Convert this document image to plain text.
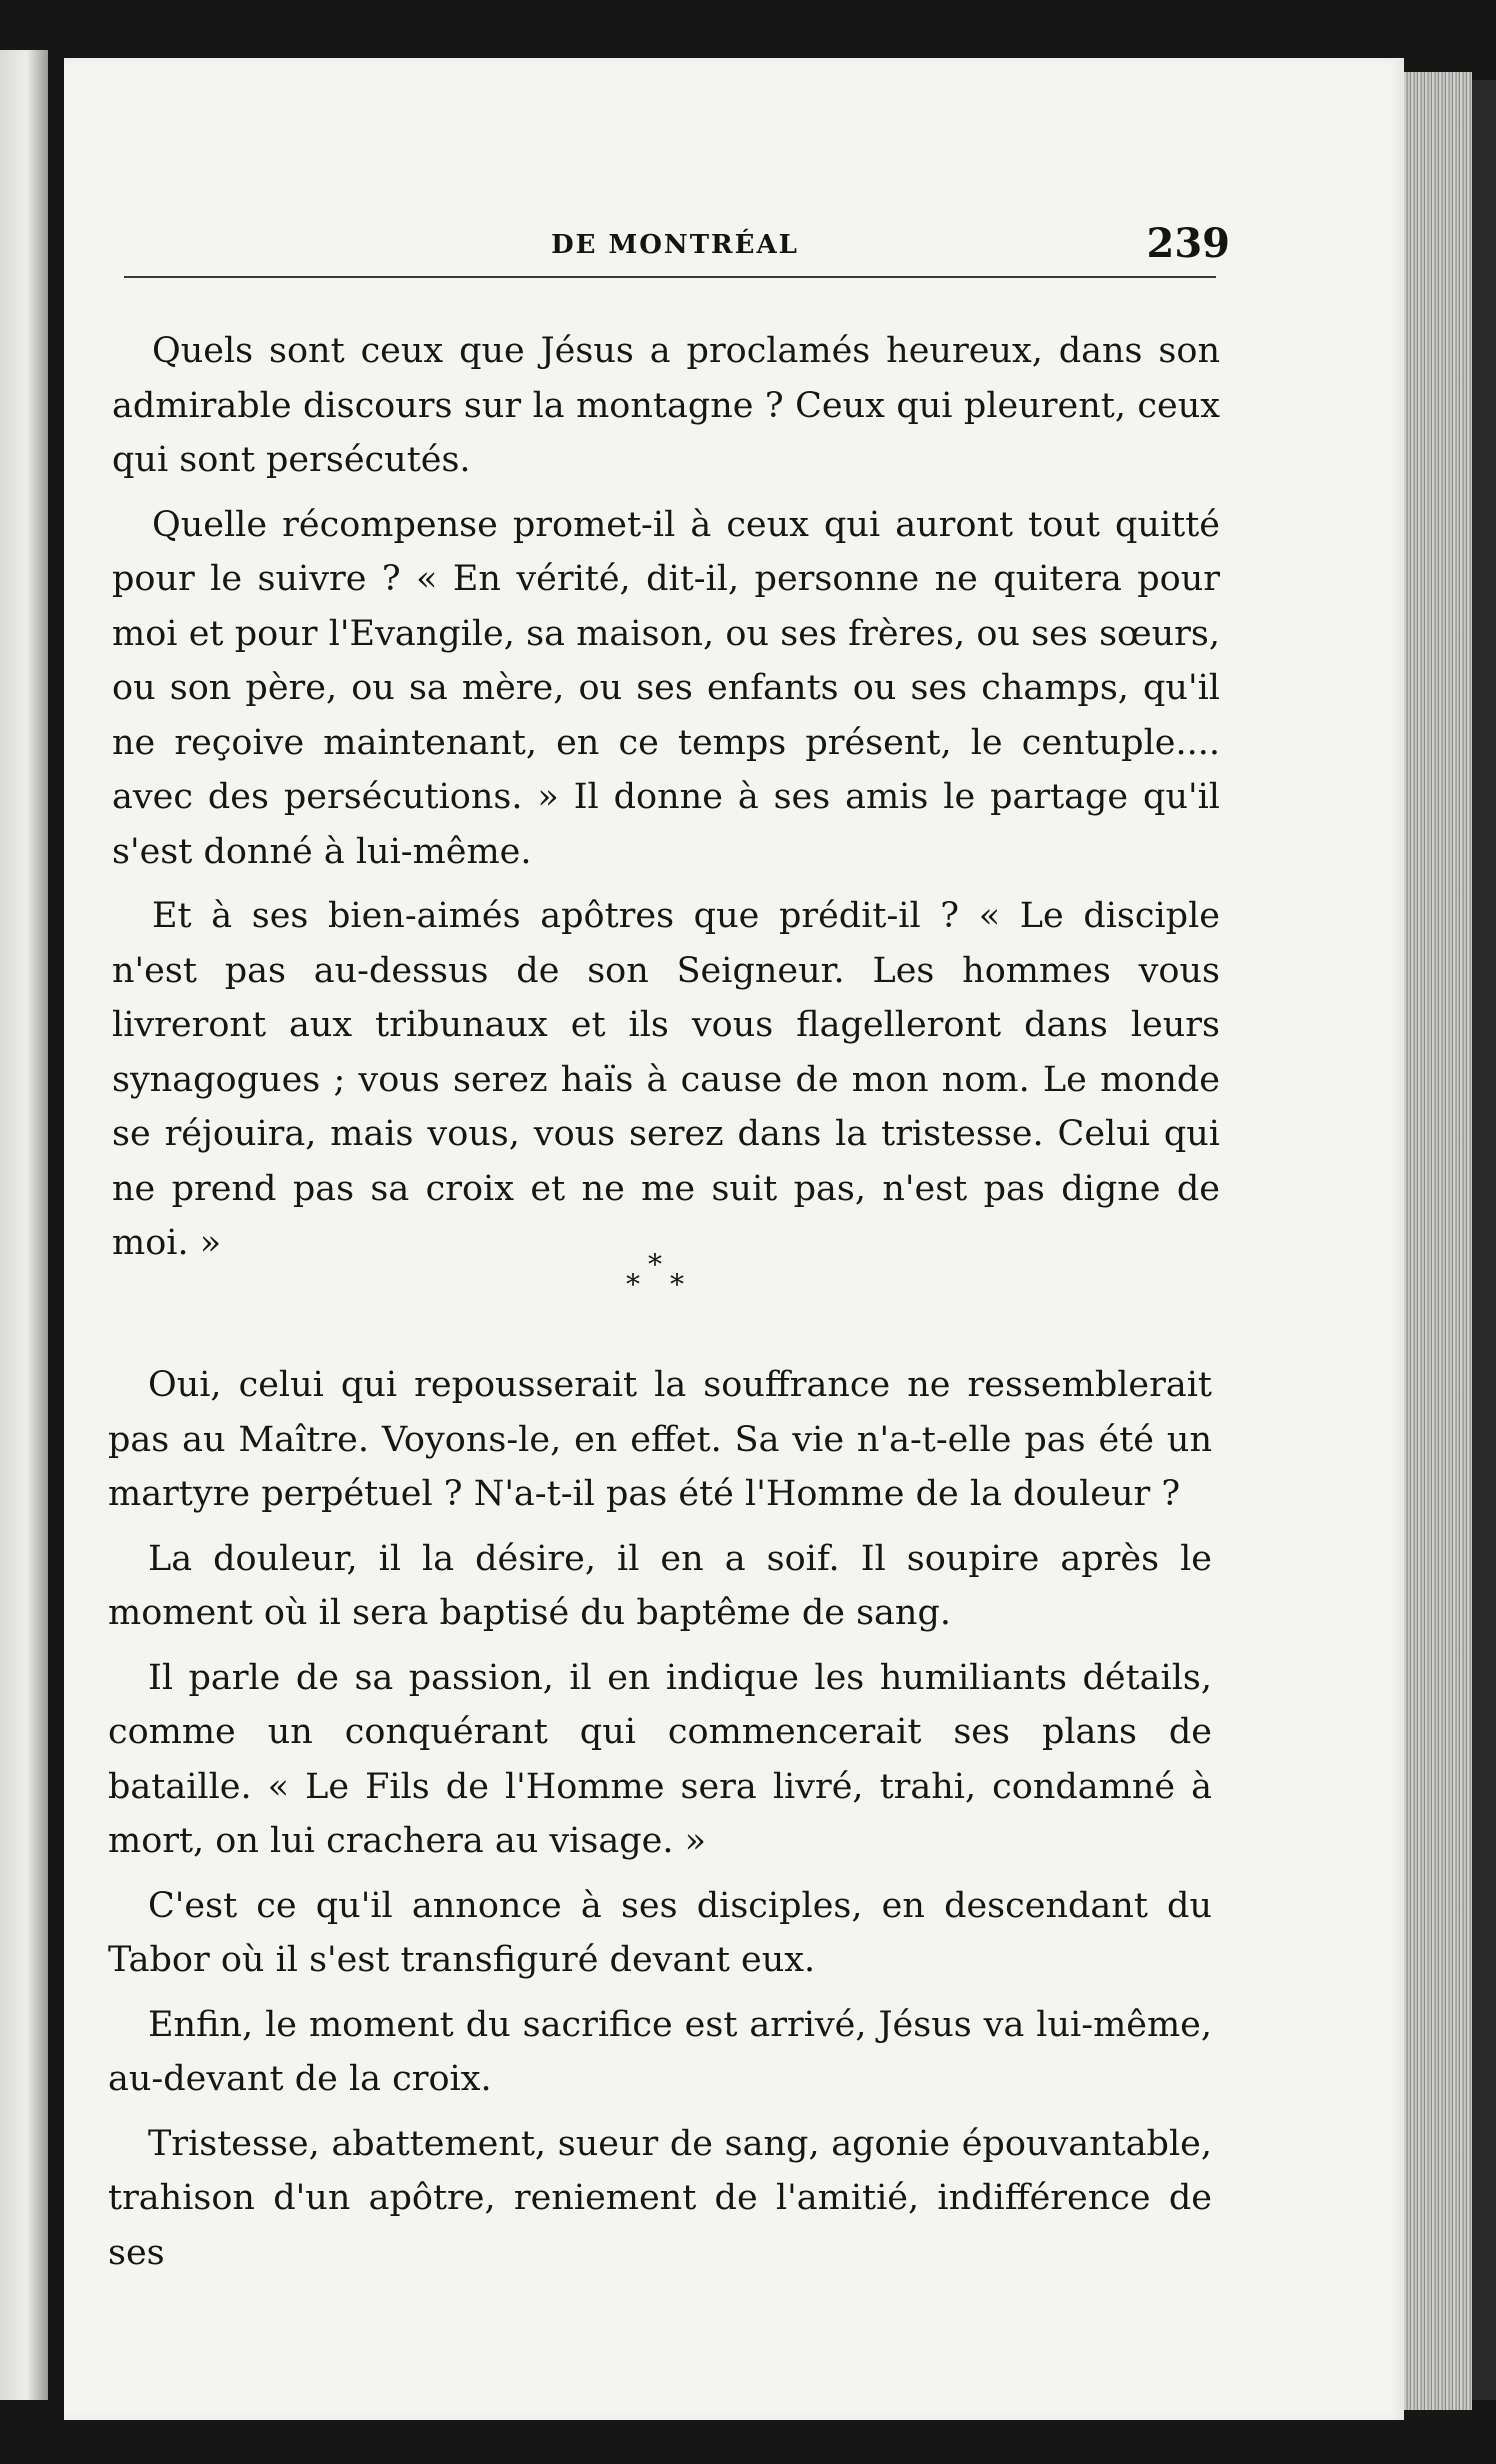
DE MONTRÉAL	239

Quels sont ceux que Jésus a proclamés heureux, dans son admirable discours sur la montagne ? Ceux qui pleurent, ceux qui sont persécutés.

Quelle récompense promet-il à ceux qui auront tout quitté pour le suivre ? « En vérité, dit-il, personne ne quitera pour moi et pour l'Evangile, sa maison, ou ses frères, ou ses sœurs, ou son père, ou sa mère, ou ses enfants ou ses champs, qu'il ne reçoive maintenant, en ce temps présent, le centuple.... avec des persécutions. » Il donne à ses amis le partage qu'il s'est donné à lui-même.

Et à ses bien-aimés apôtres que prédit-il ? « Le disciple n'est pas au-dessus de son Seigneur. Les hommes vous livreront aux tribunaux et ils vous flagelleront dans leurs synagogues ; vous serez haïs à cause de mon nom. Le monde se réjouira, mais vous, vous serez dans la tristesse. Celui qui ne prend pas sa croix et ne me suit pas, n'est pas digne de moi. »

*
* *

Oui, celui qui repousserait la souffrance ne ressemblerait pas au Maître. Voyons-le, en effet. Sa vie n'a-t-elle pas été un martyre perpétuel ? N'a-t-il pas été l'Homme de la douleur ?

La douleur, il la désire, il en a soif. Il soupire après le moment où il sera baptisé du baptême de sang.

Il parle de sa passion, il en indique les humiliants détails, comme un conquérant qui commencerait ses plans de bataille. « Le Fils de l'Homme sera livré, trahi, condamné à mort, on lui crachera au visage. »

C'est ce qu'il annonce à ses disciples, en descendant du Tabor où il s'est transfiguré devant eux.

Enfin, le moment du sacrifice est arrivé, Jésus va lui-même, au-devant de la croix.

Tristesse, abattement, sueur de sang, agonie épouvantable, trahison d'un apôtre, reniement de l'amitié, indifférence de ses
